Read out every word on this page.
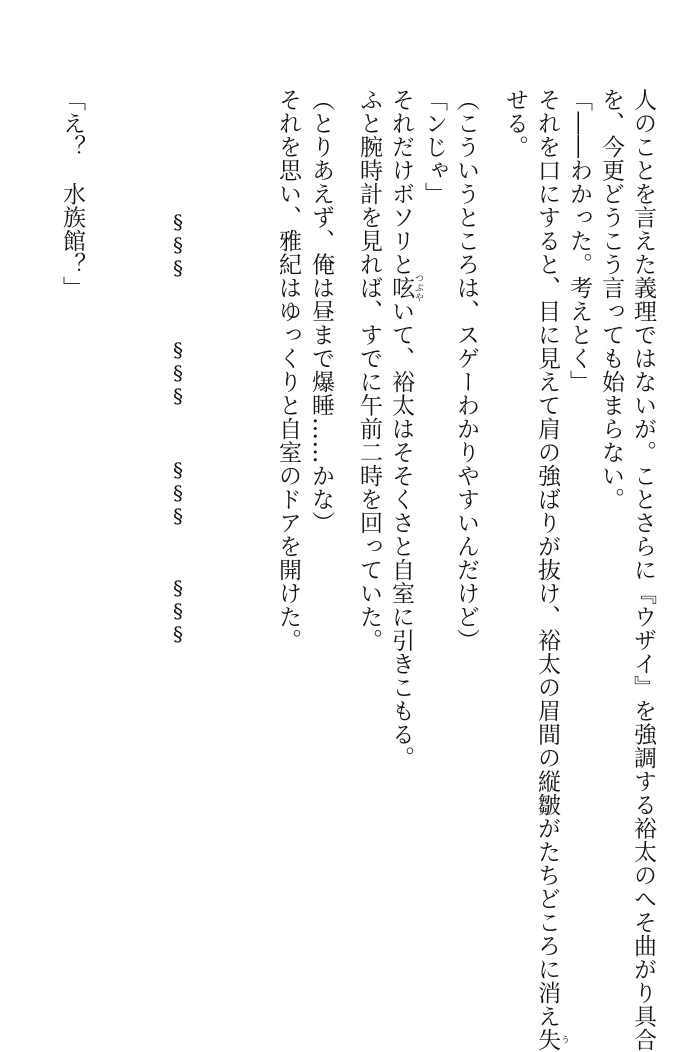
人のことを言えた義理ではないが。ことさらに『ウザイ』を強調する裕太のへそ曲がり具合
を、今更どうこう言っても始まらない。
「――わかった。考えとく」
それを口にすると、目に見えて肩の強ばりが抜け、裕太の眉間の縦皺がたちどころに消え失 う
せる。
（こういうところは、スゲーわかりやすいんだけど）
「ンじゃ」
それだけボソリと呟 つぶやいて、裕太はそそくさと自室に引きこもる。
ふと腕時計を見れば、すでに午前二時を回っていた。
（とりあえず、俺は昼まで爆睡……かな）
それを思い、雅紀はゆっくりと自室のドアを開けた。
§§§
§§§
§§§
§§§
「え？　水族館？」
